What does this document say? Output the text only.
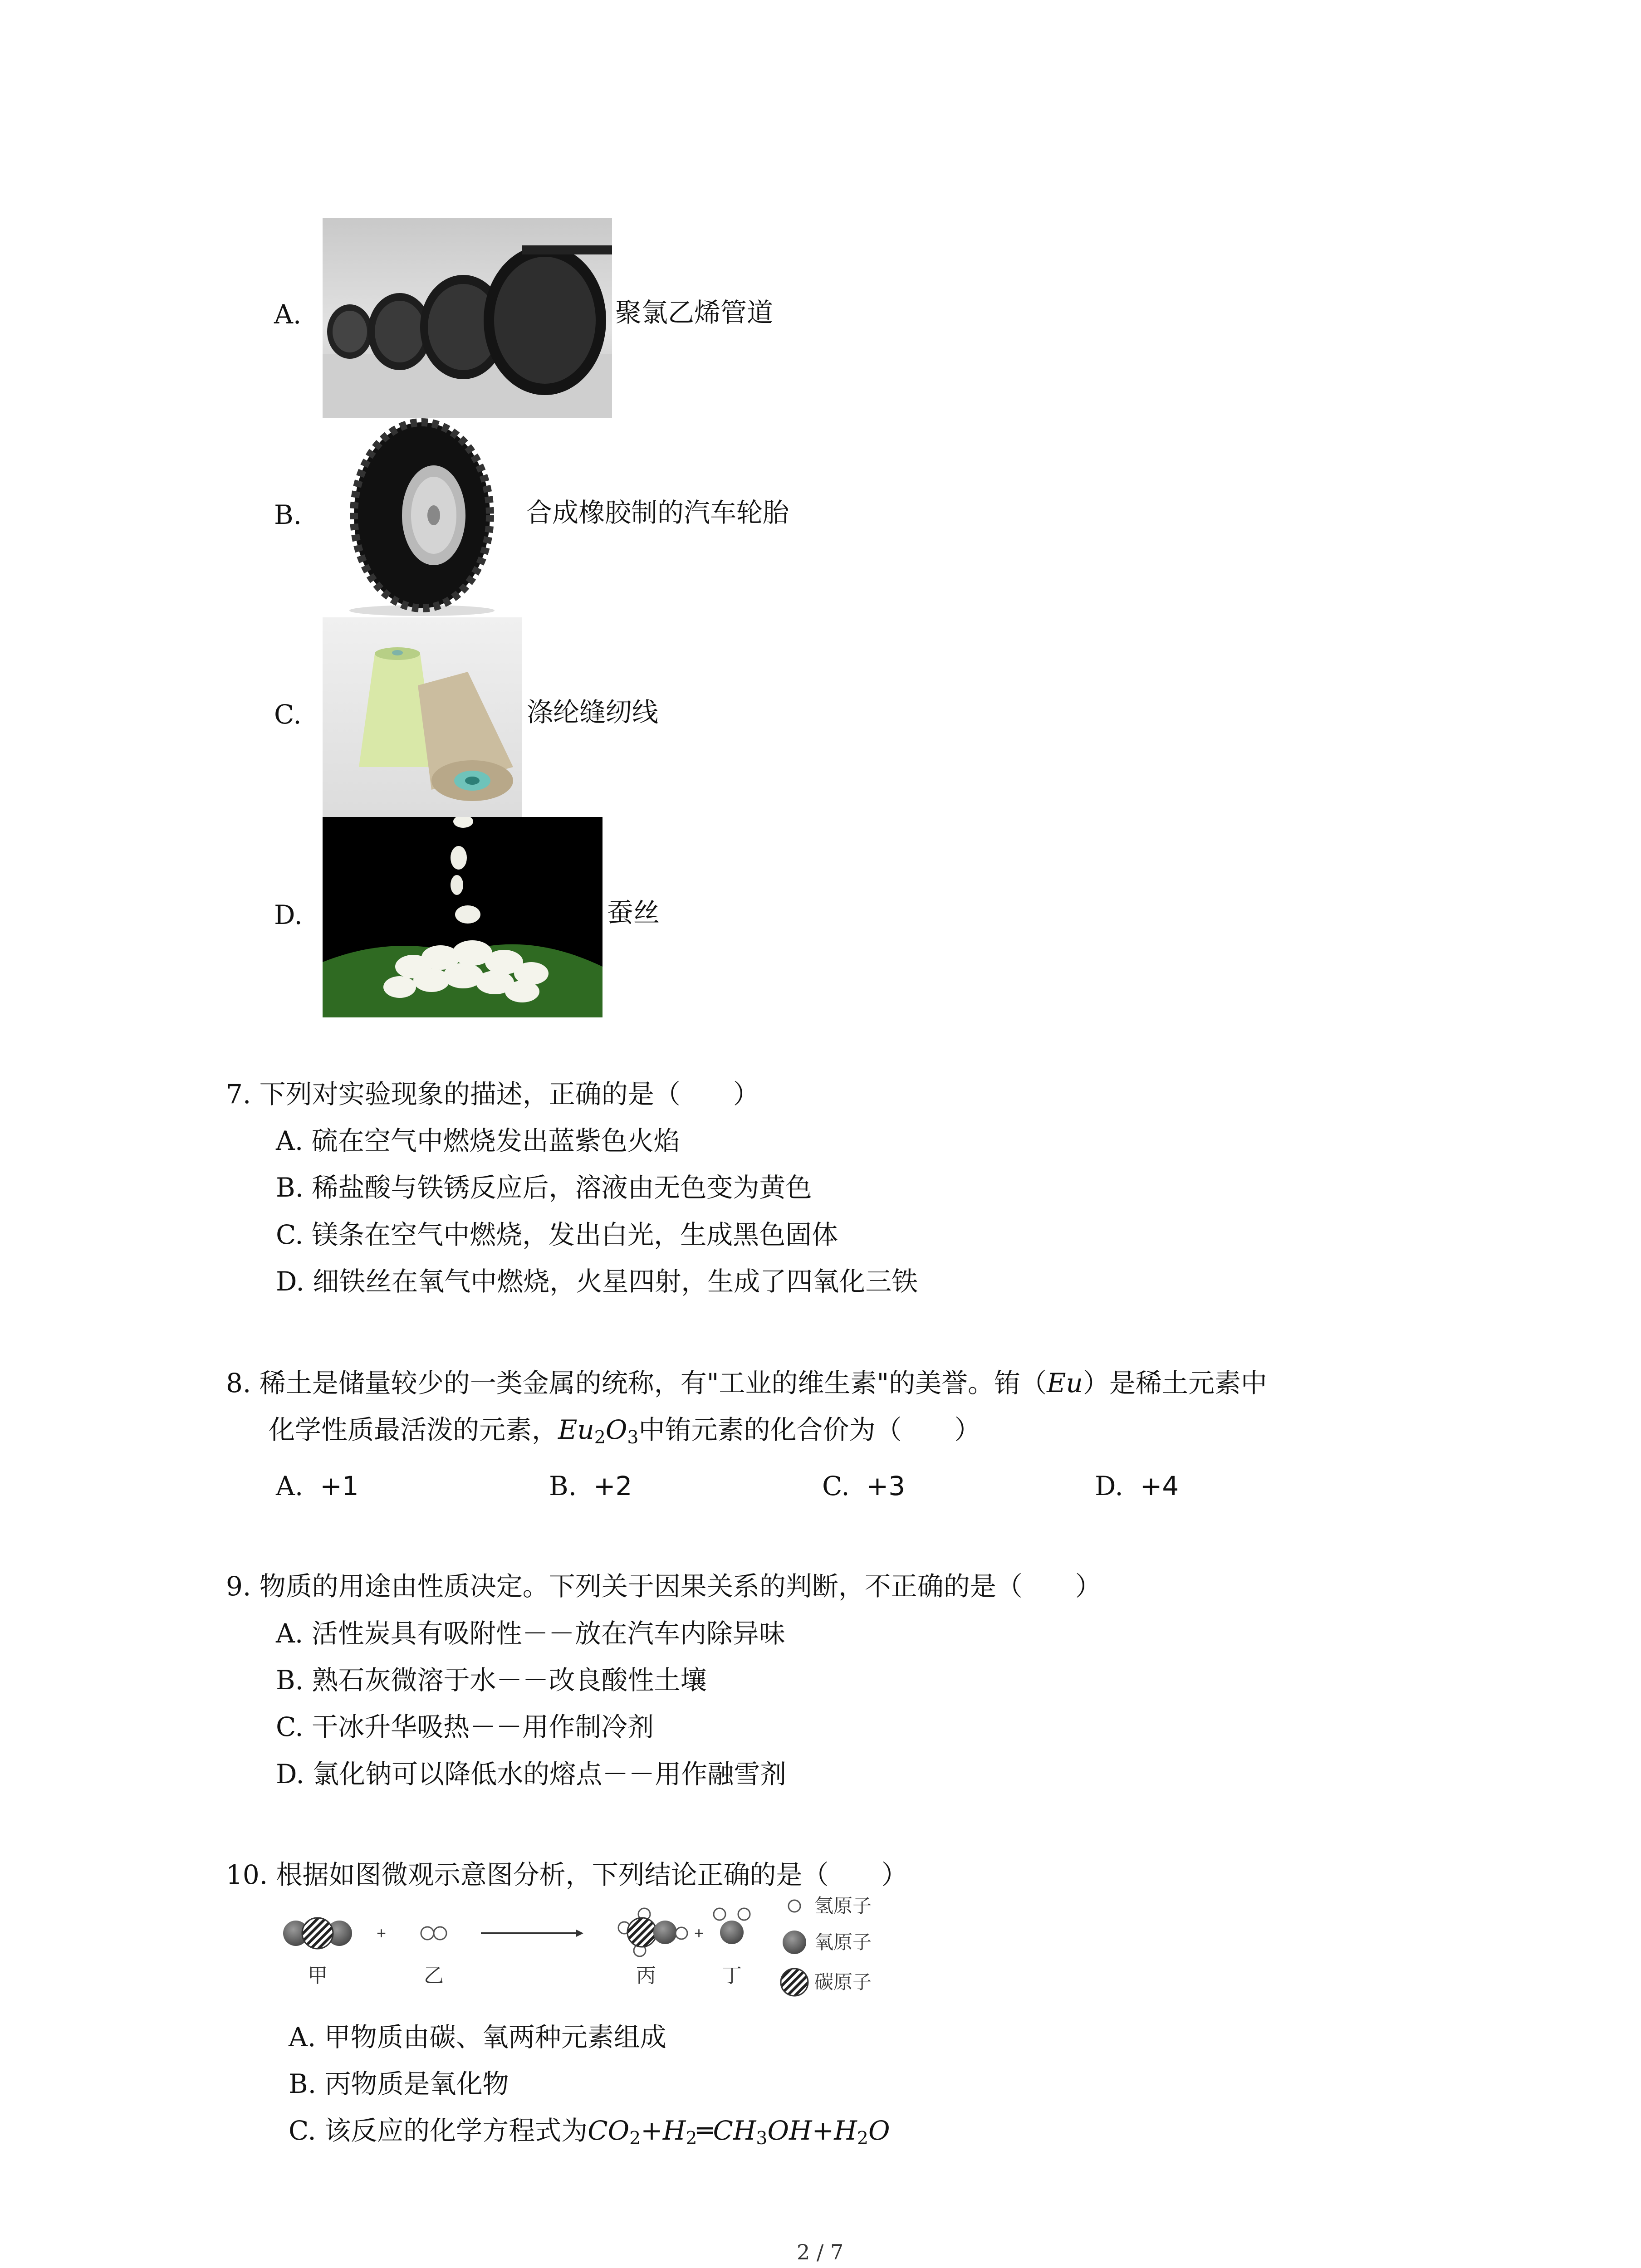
A.	聚氯乙烯管道
B.	合成橡胶制的汽车轮胎
C.	涤纶缝纫线
D.	蚕丝
7. 下列对实验现象的描述，正确的是（　　）
A. 硫在空气中燃烧发出蓝紫色火焰
B. 稀盐酸与铁锈反应后，溶液由无色变为黄色
C. 镁条在空气中燃烧，发出白光，生成黑色固体
D. 细铁丝在氧气中燃烧，火星四射，生成了四氧化三铁
8. 稀土是储量较少的一类金属的统称，有"工业的维生素"的美誉。铕（Eu）是稀土元素中
化学性质最活泼的元素，$Eu_2O_3$中铕元素的化合价为（　　）
A. +1	B. +2	C. +3	D. +4
9. 物质的用途由性质决定。下列关于因果关系的判断，不正确的是（　　）
A. 活性炭具有吸附性－－放在汽车内除异味
B. 熟石灰微溶于水－－改良酸性土壤
C. 干冰升华吸热－－用作制冷剂
D. 氯化钠可以降低水的熔点－－用作融雪剂
10. 根据如图微观示意图分析，下列结论正确的是（　　）
+	+
甲	乙	丙	丁
氢原子
氧原子
碳原子
A. 甲物质由碳、氧两种元素组成
B. 丙物质是氧化物
C. 该反应的化学方程式为$CO_2+H_2═CH_3OH+H_2O$
2 / 7
